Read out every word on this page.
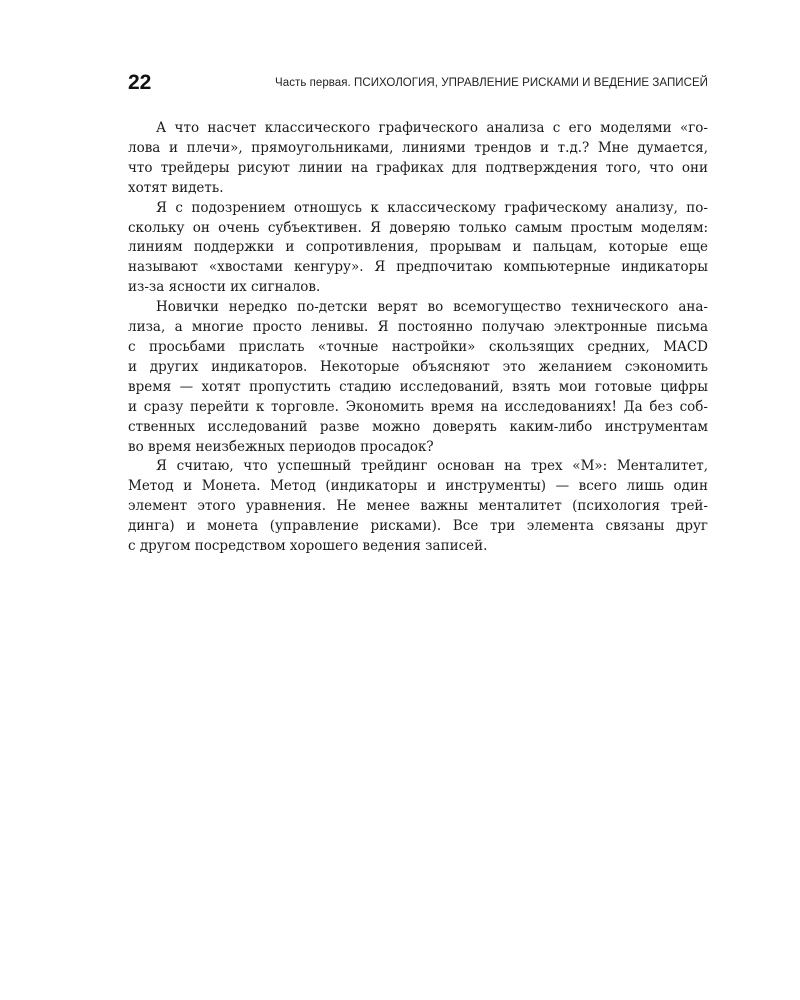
22	Часть первая. ПСИХОЛОГИЯ, УПРАВЛЕНИЕ РИСКАМИ И ВЕДЕНИЕ ЗАПИСЕЙ

А что насчет классического графического анализа с его моделями «го-
лова и плечи», прямоугольниками, линиями трендов и т.д.? Мне думается,
что трейдеры рисуют линии на графиках для подтверждения того, что они
хотят видеть.

Я с подозрением отношусь к классическому графическому анализу, по-
скольку он очень субъективен. Я доверяю только самым простым моделям:
линиям поддержки и сопротивления, прорывам и пальцам, которые еще
называют «хвостами кенгуру». Я предпочитаю компьютерные индикаторы
из-за ясности их сигналов.

Новички нередко по-детски верят во всемогущество технического ана-
лиза, а многие просто ленивы. Я постоянно получаю электронные письма
с просьбами прислать «точные настройки» скользящих средних, MACD
и других индикаторов. Некоторые объясняют это желанием сэкономить
время — хотят пропустить стадию исследований, взять мои готовые цифры
и сразу перейти к торговле. Экономить время на исследованиях! Да без соб-
ственных исследований разве можно доверять каким-либо инструментам
во время неизбежных периодов просадок?

Я считаю, что успешный трейдинг основан на трех «М»: Менталитет,
Метод и Монета. Метод (индикаторы и инструменты) — всего лишь один
элемент этого уравнения. Не менее важны менталитет (психология трей-
динга) и монета (управление рисками). Все три элемента связаны друг
с другом посредством хорошего ведения записей.
